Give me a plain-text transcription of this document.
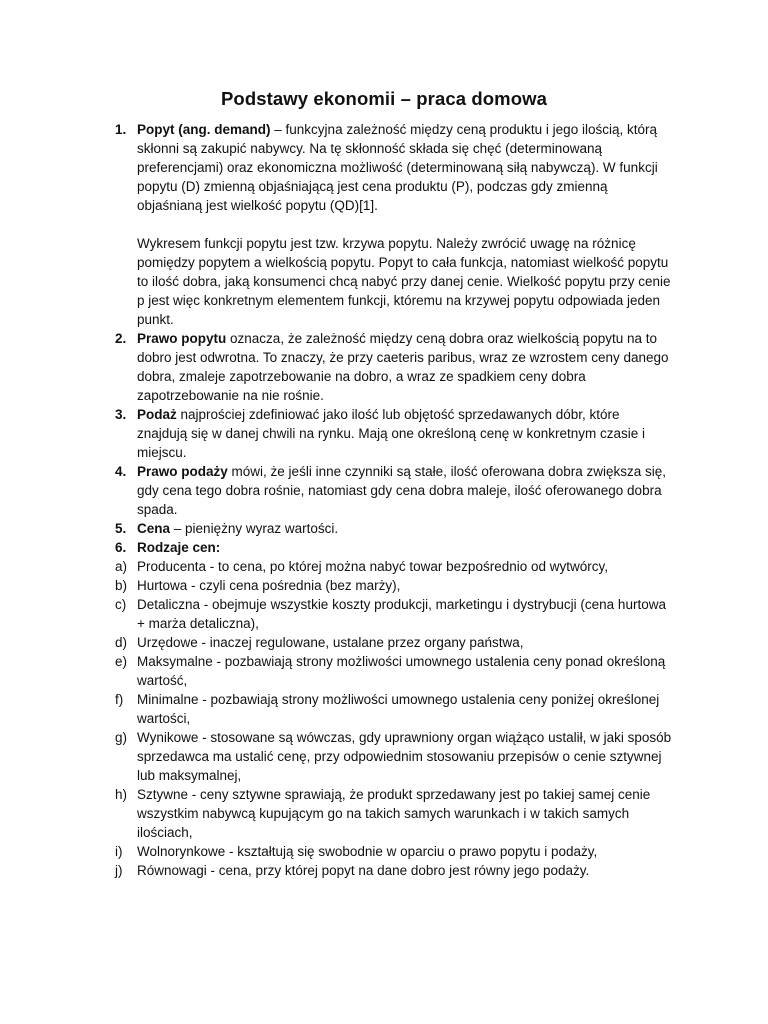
Podstawy ekonomii – praca domowa
1. Popyt (ang. demand) – funkcyjna zależność między ceną produktu i jego ilością, którą skłonni są zakupić nabywcy. Na tę skłonność składa się chęć (determinowaną preferencjami) oraz ekonomiczna możliwość (determinowaną siłą nabywczą). W funkcji popytu (D) zmienną objaśniającą jest cena produktu (P), podczas gdy zmienną objaśnianą jest wielkość popytu (QD)[1].

Wykresem funkcji popytu jest tzw. krzywa popytu. Należy zwrócić uwagę na różnicę pomiędzy popytem a wielkością popytu. Popyt to cała funkcja, natomiast wielkość popytu to ilość dobra, jaką konsumenci chcą nabyć przy danej cenie. Wielkość popytu przy cenie p jest więc konkretnym elementem funkcji, któremu na krzywej popytu odpowiada jeden punkt.

2. Prawo popytu oznacza, że zależność między ceną dobra oraz wielkością popytu na to dobro jest odwrotna. To znaczy, że przy caeteris paribus, wraz ze wzrostem ceny danego dobra, zmaleje zapotrzebowanie na dobro, a wraz ze spadkiem ceny dobra zapotrzebowanie na nie rośnie.

3. Podaż najprościej zdefiniować jako ilość lub objętość sprzedawanych dóbr, które znajdują się w danej chwili na rynku. Mają one określoną cenę w konkretnym czasie i miejscu.

4. Prawo podaży mówi, że jeśli inne czynniki są stałe, ilość oferowana dobra zwiększa się, gdy cena tego dobra rośnie, natomiast gdy cena dobra maleje, ilość oferowanego dobra spada.

5. Cena – pieniężny wyraz wartości.

6. Rodzaje cen:

a) Producenta - to cena, po której można nabyć towar bezpośrednio od wytwórcy,

b) Hurtowa - czyli cena pośrednia (bez marży),

c) Detaliczna - obejmuje wszystkie koszty produkcji, marketingu i dystrybucji (cena hurtowa + marża detaliczna),

d) Urzędowe - inaczej regulowane, ustalane przez organy państwa,

e) Maksymalne - pozbawiają strony możliwości umownego ustalenia ceny ponad określoną wartość,

f) Minimalne - pozbawiają strony możliwości umownego ustalenia ceny poniżej określonej wartości,

g) Wynikowe - stosowane są wówczas, gdy uprawniony organ wiążąco ustalił, w jaki sposób sprzedawca ma ustalić cenę, przy odpowiednim stosowaniu przepisów o cenie sztywnej lub maksymalnej,

h) Sztywne - ceny sztywne sprawiają, że produkt sprzedawany jest po takiej samej cenie wszystkim nabywcą kupującym go na takich samych warunkach i w takich samych ilościach,

i) Wolnorynkowe - kształtują się swobodnie w oparciu o prawo popytu i podaży,

j) Równowagi - cena, przy której popyt na dane dobro jest równy jego podaży.
